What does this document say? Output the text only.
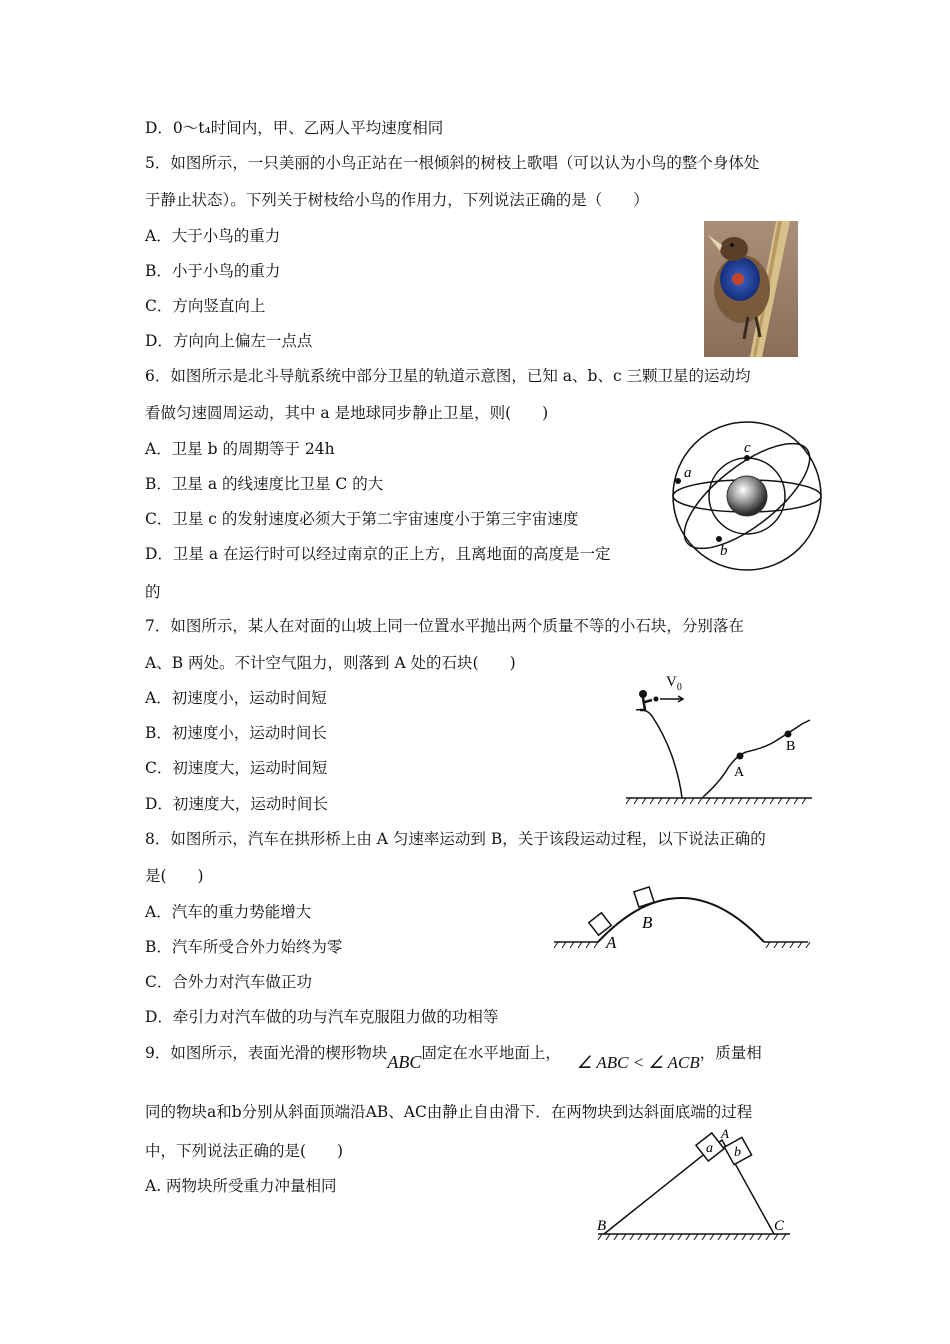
D．0～t₄时间内，甲、乙两人平均速度相同
5．如图所示，一只美丽的小鸟正站在一根倾斜的树枝上歌唱（可以认为小鸟的整个身体处
于静止状态）。下列关于树枝给小鸟的作用力，下列说法正确的是（　　）
A．大于小鸟的重力
B．小于小鸟的重力
C．方向竖直向上
D．方向向上偏左一点点
6．如图所示是北斗导航系统中部分卫星的轨道示意图，已知 a、b、c 三颗卫星的运动均
看做匀速圆周运动，其中 a 是地球同步静止卫星，则(　　)
A．卫星 b 的周期等于 24h
B．卫星 a 的线速度比卫星 C 的大
C．卫星 c 的发射速度必须大于第二宇宙速度小于第三宇宙速度
D．卫星 a 在运行时可以经过南京的正上方，且离地面的高度是一定
的
a
c
b
7．如图所示，某人在对面的山坡上同一位置水平抛出两个质量不等的小石块，分别落在
A、B 两处。不计空气阻力，则落到 A 处的石块(　　)
A．初速度小，运动时间短
B．初速度小，运动时间长
C．初速度大，运动时间短
D．初速度大，运动时间长
$V_0$
A
B
8．如图所示，汽车在拱形桥上由 A 匀速率运动到 B，关于该段运动过程，以下说法正确的
是(　　)
A．汽车的重力势能增大
B．汽车所受合外力始终为零
C．合外力对汽车做正功
D．牵引力对汽车做的功与汽车克服阻力做的功相等
A
B
9．如图所示，表面光滑的楔形物块ABC固定在水平地面上， ∠ ABC < ∠ ACB，质量相
同的物块a和b分别从斜面顶端沿AB、AC由静止自由滑下．在两物块到达斜面底端的过程
中，下列说法正确的是(　　)
A. 两物块所受重力冲量相同
a b
A
B	C
